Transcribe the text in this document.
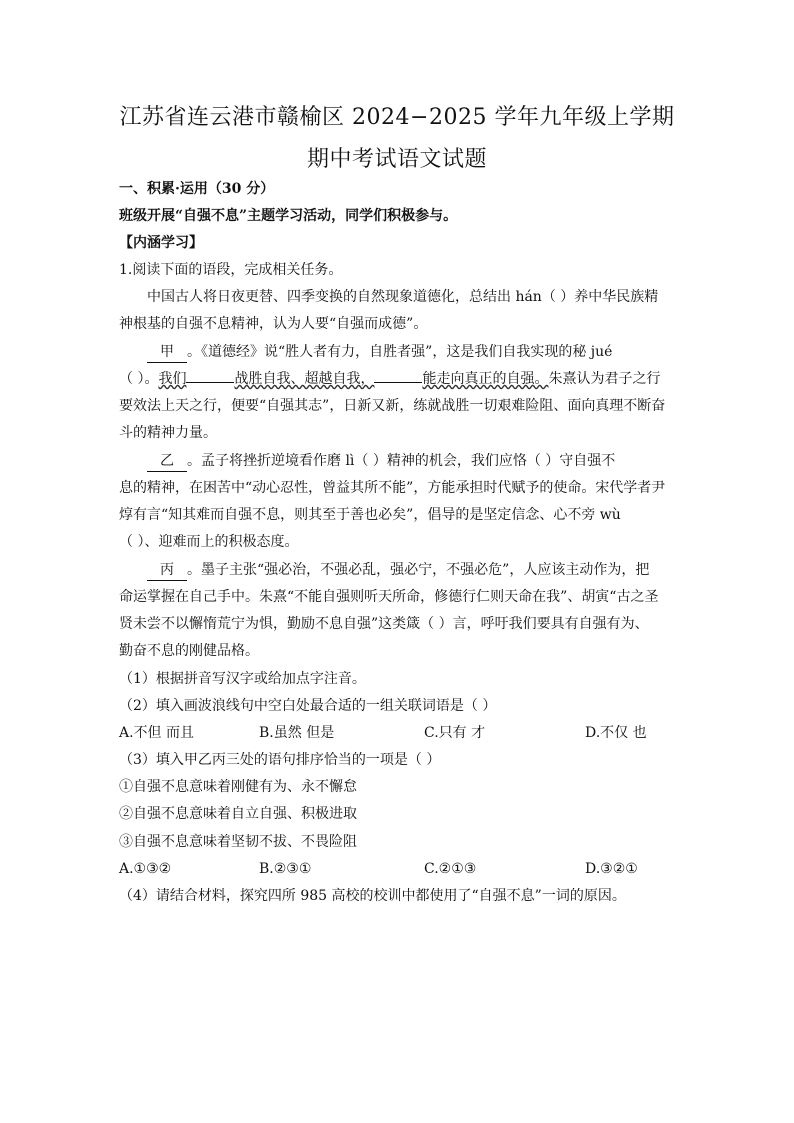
江苏省连云港市赣榆区 2024−2025 学年九年级上学期
期中考试语文试题
一、积累·运用（30 分）
班级开展“自强不息”主题学习活动，同学们积极参与。
【内涵学习】
1.阅读下面的语段，完成相关任务。
中国古人将日夜更替、四季变换的自然现象道德化，总结出 hán（ ）养中华民族精
神根基的自强不息精神，认为人要“自强而成德”。
甲 。《道德经》说“胜人者有力，自胜者强”，这是我们自我实现的秘 jué
（ ）。我们	战胜自我、超越自我，	能走向真正的自强。朱熹认为君子之行
要效法上天之行，便要“自强其志”，日新又新，练就战胜一切艰难险阻、面向真理不断奋
斗的精神力量。
乙 。孟子将挫折逆境看作磨 lì（ ）精神的机会，我们应恪（ ）守自强不
息的精神，在困苦中“动心忍性，曾益其所不能”，方能承担时代赋予的使命。宋代学者尹
焞有言“知其难而自强不息，则其至于善也必矣”，倡导的是坚定信念、心不旁 wù
（ ）、迎难而上的积极态度。
丙 。墨子主张“强必治，不强必乱，强必宁，不强必危”，人应该主动作为，把
命运掌握在自己手中。朱熹“不能自强则听天所命，修德行仁则天命在我”、胡寅“古之圣
贤未尝不以懈惰荒宁为惧，勤励不息自强”这类箴（ ）言，呼吁我们要具有自强有为、
勤奋不息的刚健品格。
（1）根据拼音写汉字或给加点字注音。
（2）填入画波浪线句中空白处最合适的一组关联词语是（ ）
A.不但 而且	B.虽然 但是	C.只有 才	D.不仅 也
（3）填入甲乙丙三处的语句排序恰当的一项是（ ）
①自强不息意味着刚健有为、永不懈怠
②自强不息意味着自立自强、积极进取
③自强不息意味着坚韧不拔、不畏险阻
A.①③②	B.②③①	C.②①③	D.③②①
（4）请结合材料，探究四所 985 高校的校训中都使用了“自强不息”一词的原因。
